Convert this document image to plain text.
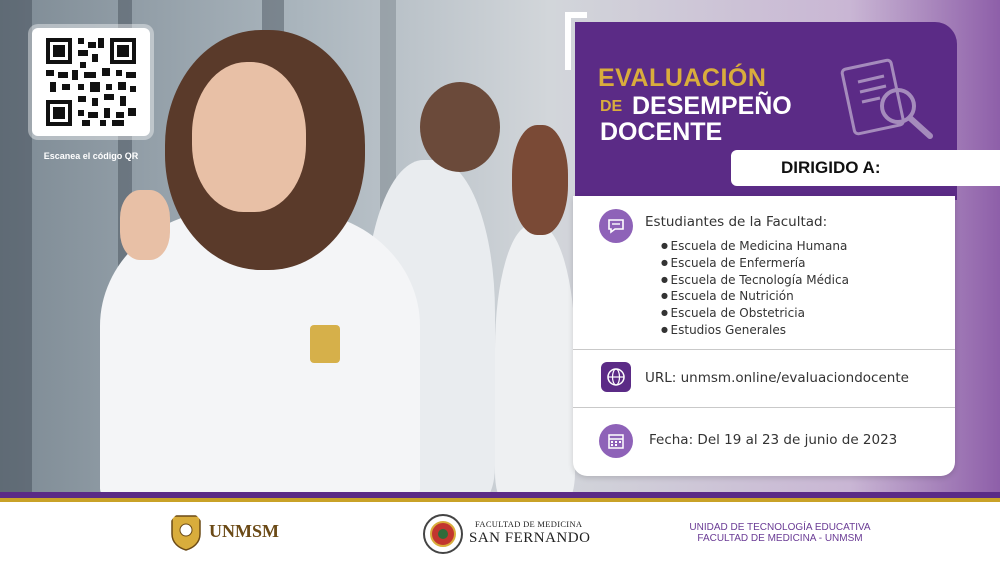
Escanea el código QR
EVALUACIÓN
DE DESEMPEÑO
DOCENTE
DIRIGIDO A:
Estudiantes de la Facultad:
● Escuela de Medicina Humana
● Escuela de Enfermería
● Escuela de Tecnología Médica
● Escuela de Nutrición
● Escuela de Obstetricia
● Estudios Generales
URL: unmsm.online/evaluaciondocente
Fecha: Del 19 al 23 de junio de 2023
UNMSM	FACULTAD DE MEDICINA
SAN FERNANDO
UNIDAD DE TECNOLOGÍA EDUCATIVA
FACULTAD DE MEDICINA - UNMSM
